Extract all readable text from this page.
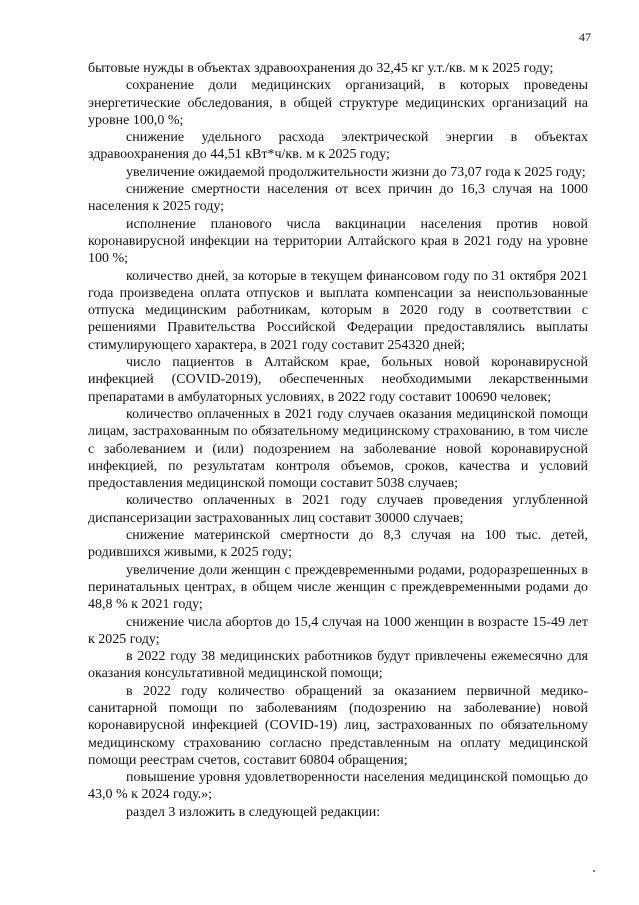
47

бытовые нужды в объектах здравоохранения до 32,45 кг у.т./кв. м к 2025 году;

сохранение доли медицинских организаций, в которых проведены энергетические обследования, в общей структуре медицинских организаций на уровне 100,0 %;

снижение удельного расхода электрической энергии в объектах здравоохранения до 44,51 кВт*ч/кв. м к 2025 году;

увеличение ожидаемой продолжительности жизни до 73,07 года к 2025 году;

снижение смертности населения от всех причин до 16,3 случая на 1000 населения к 2025 году;

исполнение планового числа вакцинации населения против новой коронавирусной инфекции на территории Алтайского края в 2021 году на уровне 100 %;

количество дней, за которые в текущем финансовом году по 31 октября 2021 года произведена оплата отпусков и выплата компенсации за неиспользованные отпуска медицинским работникам, которым в 2020 году в соответствии с решениями Правительства Российской Федерации предоставлялись выплаты стимулирующего характера, в 2021 году составит 254320 дней;

число пациентов в Алтайском крае, больных новой коронавирусной инфекцией (COVID-2019), обеспеченных необходимыми лекарственными препаратами в амбулаторных условиях, в 2022 году составит 100690 человек;

количество оплаченных в 2021 году случаев оказания медицинской помощи лицам, застрахованным по обязательному медицинскому страхованию, в том числе с заболеванием и (или) подозрением на заболевание новой коронавирусной инфекцией, по результатам контроля объемов, сроков, качества и условий предоставления медицинской помощи составит 5038 случаев;

количество оплаченных в 2021 году случаев проведения углубленной диспансеризации застрахованных лиц составит 30000 случаев;

снижение материнской смертности до 8,3 случая на 100 тыс. детей, родившихся живыми, к 2025 году;

увеличение доли женщин с преждевременными родами, родоразрешенных в перинатальных центрах, в общем числе женщин с преждевременными родами до 48,8 % к 2021 году;

снижение числа абортов до 15,4 случая на 1000 женщин в возрасте 15-49 лет к 2025 году;

в 2022 году 38 медицинских работников будут привлечены ежемесячно для оказания консультативной медицинской помощи;

в 2022 году количество обращений за оказанием первичной медико-санитарной помощи по заболеваниям (подозрению на заболевание) новой коронавирусной инфекцией (COVID-19) лиц, застрахованных по обязательному медицинскому страхованию согласно представленным на оплату медицинской помощи реестрам счетов, составит 60804 обращения;

повышение уровня удовлетворенности населения медицинской помощью до 43,0 % к 2024 году.»;

раздел 3 изложить в следующей редакции:
